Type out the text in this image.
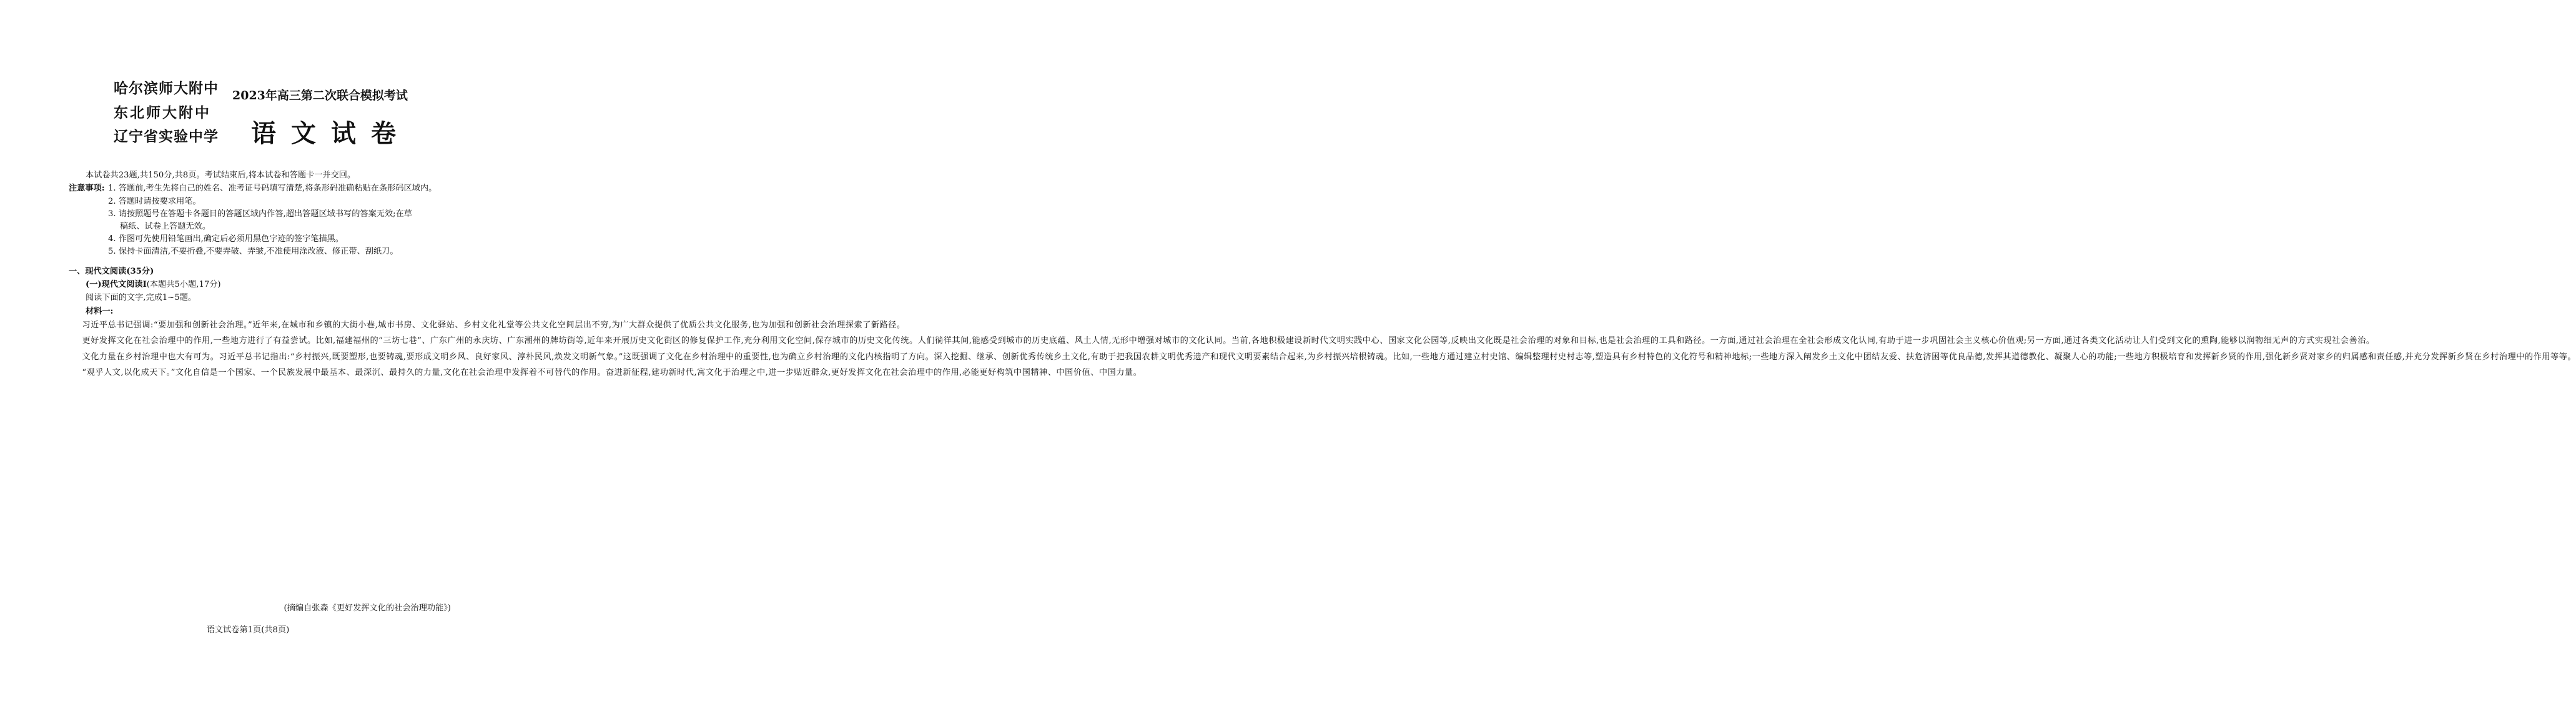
哈尔滨师大附中
东北师大附中
辽宁省实验中学
2023年高三第二次联合模拟考试
语文试卷
本试卷共23题,共150分,共8页。考试结束后,将本试卷和答题卡一并交回。
注意事项: 1. 答题前,考生先将自己的姓名、准考证号码填写清楚,将条形码准确粘贴在条形码区域内。
2. 答题时请按要求用笔。
3. 请按照题号在答题卡各题目的答题区域内作答,超出答题区域书写的答案无效;在草
稿纸、试卷上答题无效。
4. 作图可先使用铅笔画出,确定后必须用黑色字迹的签字笔描黑。
5. 保持卡面清洁,不要折叠,不要弄破、弄皱,不准使用涂改液、修正带、刮纸刀。
一、现代文阅读(35分)
(一)现代文阅读Ⅰ(本题共5小题,17分)
阅读下面的文字,完成1~5题。
材料一:

习近平总书记强调:“要加强和创新社会治理。”近年来,在城市和乡镇的大街小巷,城市书房、文化驿站、乡村文化礼堂等公共文化空间层出不穷,为广大群众提供了优质公共文化服务,也为加强和创新社会治理探索了新路径。

更好发挥文化在社会治理中的作用,一些地方进行了有益尝试。比如,福建福州的“三坊七巷”、广东广州的永庆坊、广东潮州的牌坊街等,近年来开展历史文化街区的修复保护工作,充分利用文化空间,保存城市的历史文化传统。人们徜徉其间,能感受到城市的历史底蕴、风土人情,无形中增强对城市的文化认同。当前,各地积极建设新时代文明实践中心、国家文化公园等,反映出文化既是社会治理的对象和目标,也是社会治理的工具和路径。一方面,通过社会治理在全社会形成文化认同,有助于进一步巩固社会主义核心价值观;另一方面,通过各类文化活动让人们受到文化的熏陶,能够以润物细无声的方式实现社会善治。

文化力量在乡村治理中也大有可为。习近平总书记指出:“乡村振兴,既要塑形,也要铸魂,要形成文明乡风、良好家风、淳朴民风,焕发文明新气象。”这既强调了文化在乡村治理中的重要性,也为确立乡村治理的文化内核指明了方向。深入挖掘、继承、创新优秀传统乡土文化,有助于把我国农耕文明优秀遗产和现代文明要素结合起来,为乡村振兴培根铸魂。比如,一些地方通过建立村史馆、编辑整理村史村志等,塑造具有乡村特色的文化符号和精神地标;一些地方深入阐发乡土文化中团结友爱、扶危济困等优良品德,发挥其道德教化、凝聚人心的功能;一些地方积极培育和发挥新乡贤的作用,强化新乡贤对家乡的归属感和责任感,并充分发挥新乡贤在乡村治理中的作用等等。

“观乎人文,以化成天下。”文化自信是一个国家、一个民族发展中最基本、最深沉、最持久的力量,文化在社会治理中发挥着不可替代的作用。奋进新征程,建功新时代,寓文化于治理之中,进一步贴近群众,更好发挥文化在社会治理中的作用,必能更好构筑中国精神、中国价值、中国力量。

(摘编自张森《更好发挥文化的社会治理功能》)
语文试卷第1页(共8页)
